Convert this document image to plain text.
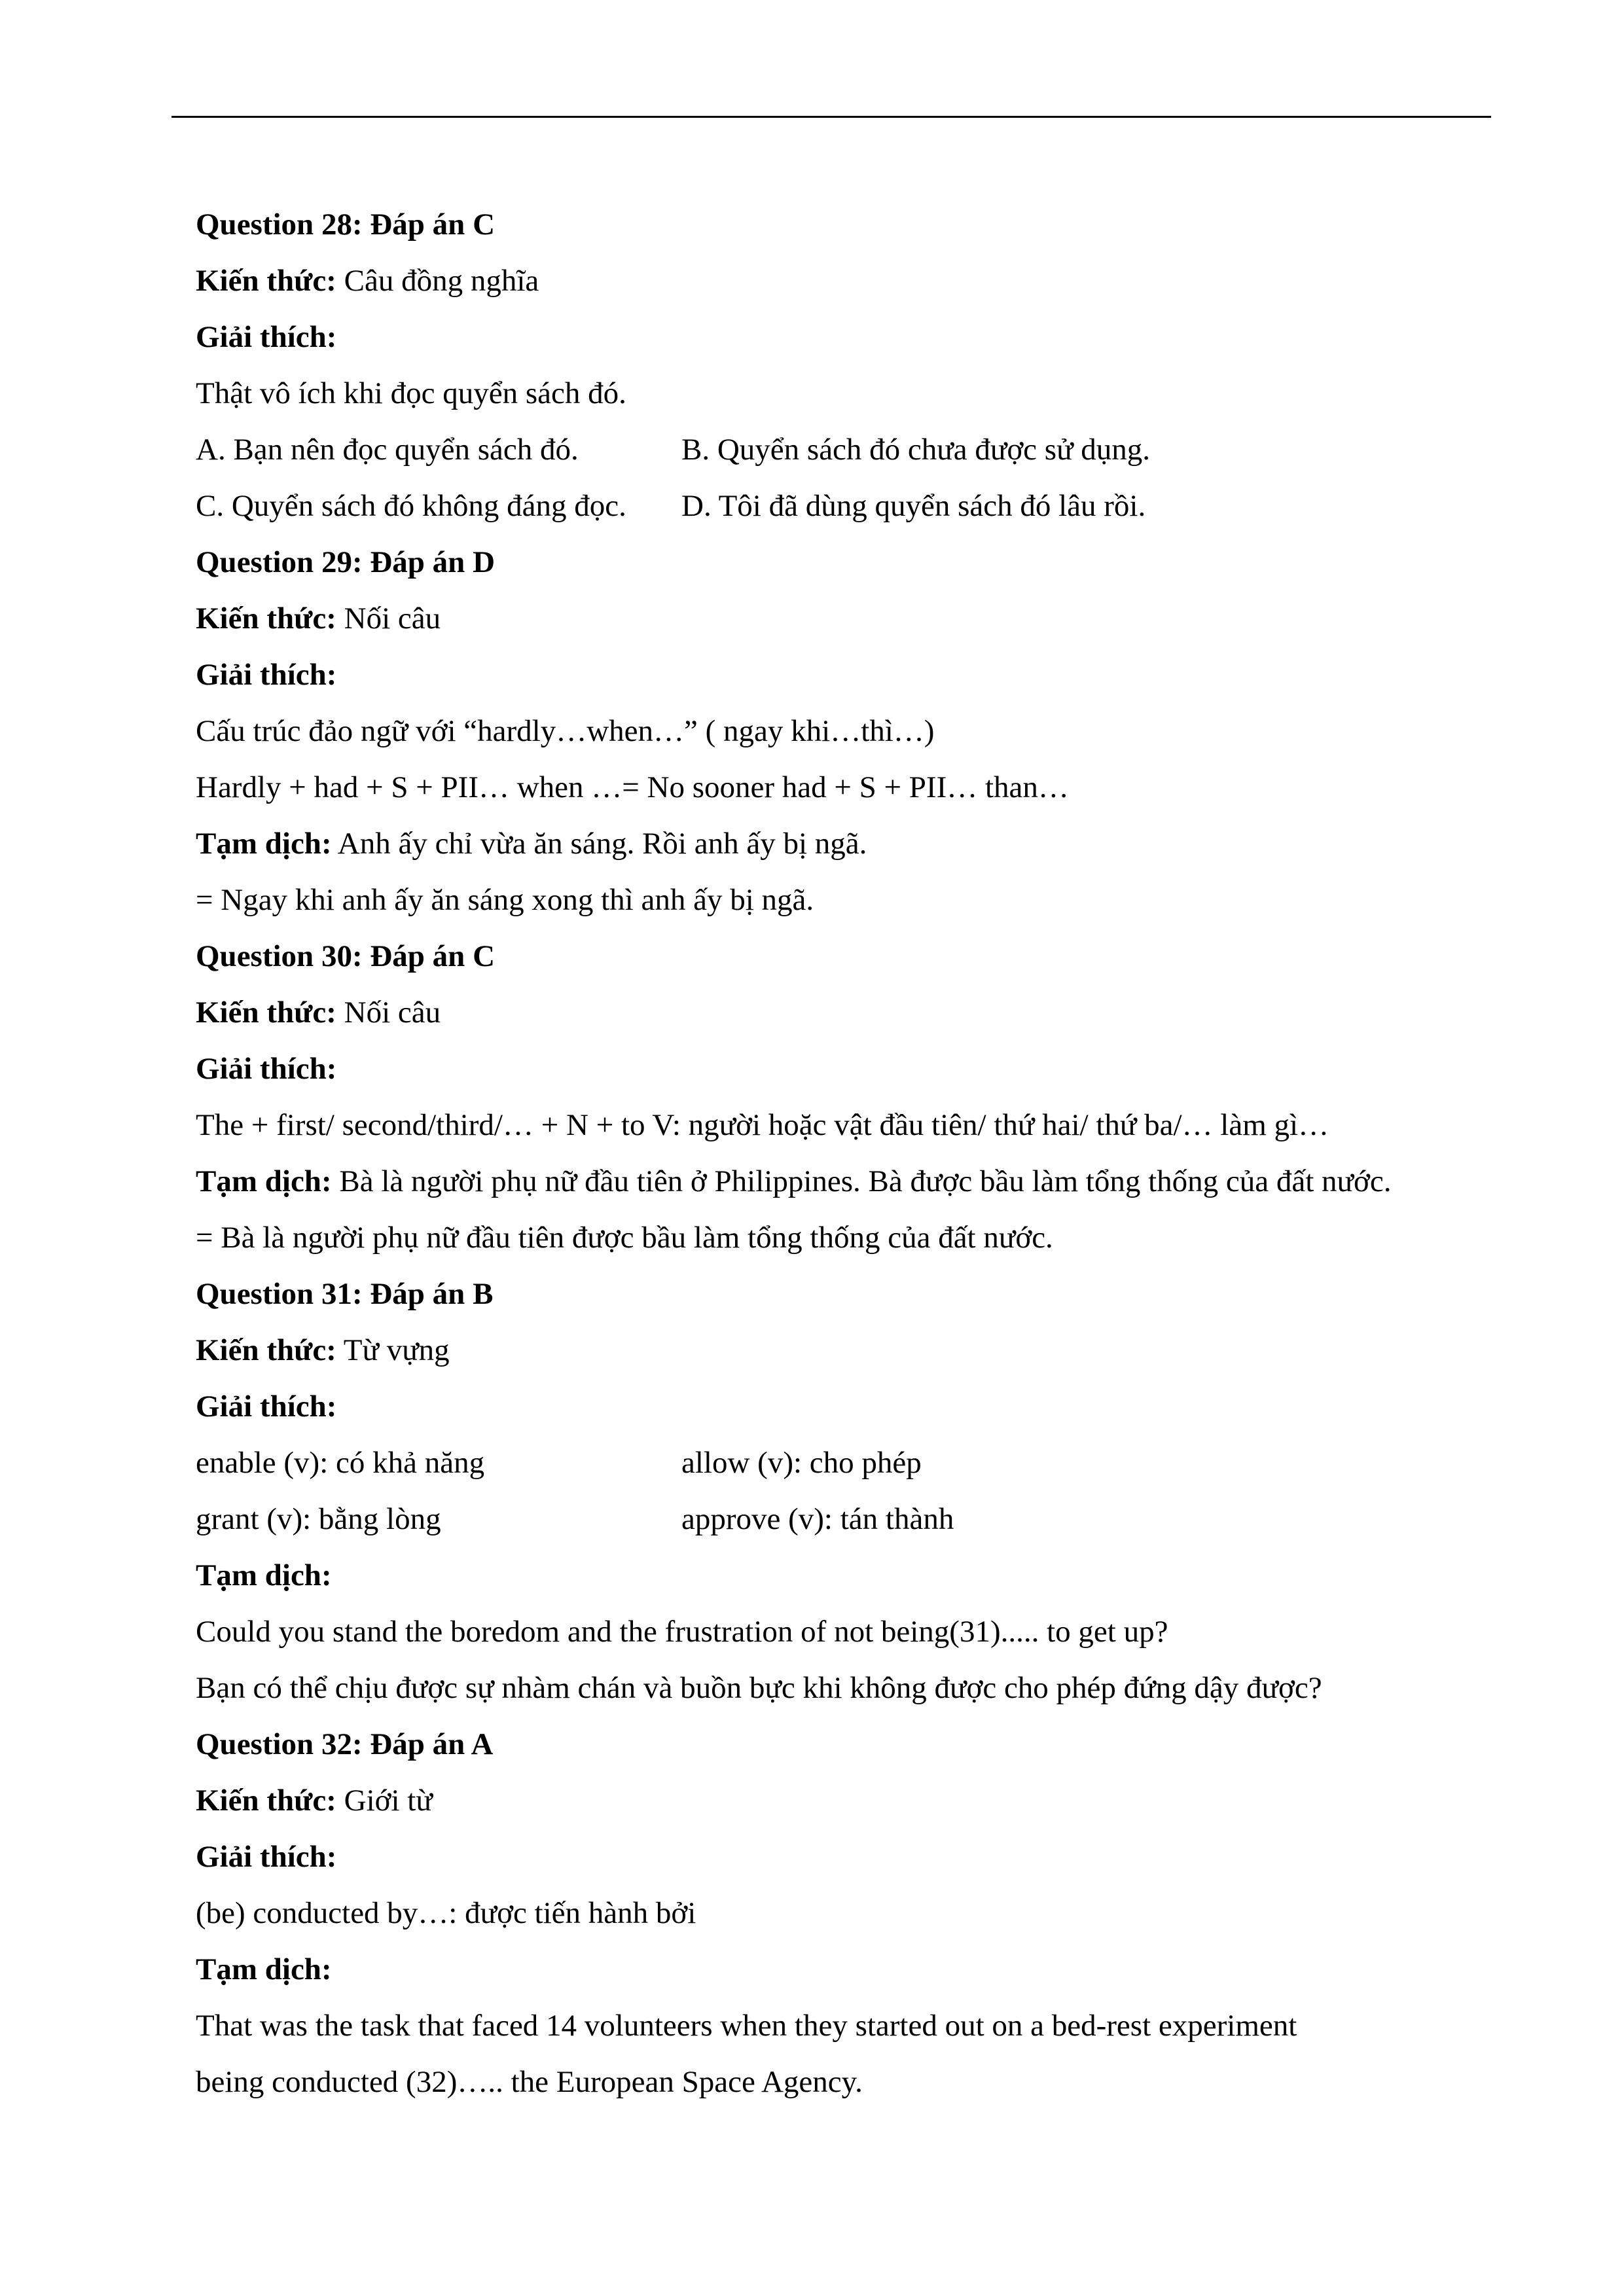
Question 28: Đáp án C
Kiến thức: Câu đồng nghĩa
Giải thích:
Thật vô ích khi đọc quyển sách đó.
A. Bạn nên đọc quyển sách đó.	B. Quyển sách đó chưa được sử dụng.
C. Quyển sách đó không đáng đọc. D. Tôi đã dùng quyển sách đó lâu rồi.
Question 29: Đáp án D
Kiến thức: Nối câu
Giải thích:
Cấu trúc đảo ngữ với “hardly…when…” ( ngay khi…thì…)
Hardly + had + S + PII… when …= No sooner had + S + PII… than…
Tạm dịch: Anh ấy chỉ vừa ăn sáng. Rồi anh ấy bị ngã.
= Ngay khi anh ấy ăn sáng xong thì anh ấy bị ngã.
Question 30: Đáp án C
Kiến thức: Nối câu
Giải thích:
The + first/ second/third/… + N + to V: người hoặc vật đầu tiên/ thứ hai/ thứ ba/… làm gì…
Tạm dịch: Bà là người phụ nữ đầu tiên ở Philippines. Bà được bầu làm tổng thống của đất nước.
= Bà là người phụ nữ đầu tiên được bầu làm tổng thống của đất nước.
Question 31: Đáp án B
Kiến thức: Từ vựng
Giải thích:
enable (v): có khả năng	allow (v): cho phép
grant (v): bằng lòng	approve (v): tán thành
Tạm dịch:
Could you stand the boredom and the frustration of not being(31)..... to get up?
Bạn có thể chịu được sự nhàm chán và buồn bực khi không được cho phép đứng dậy được?
Question 32: Đáp án A
Kiến thức: Giới từ
Giải thích:
(be) conducted by…: được tiến hành bởi
Tạm dịch:
That was the task that faced 14 volunteers when they started out on a bed-rest experiment
being conducted (32)….. the European Space Agency.
